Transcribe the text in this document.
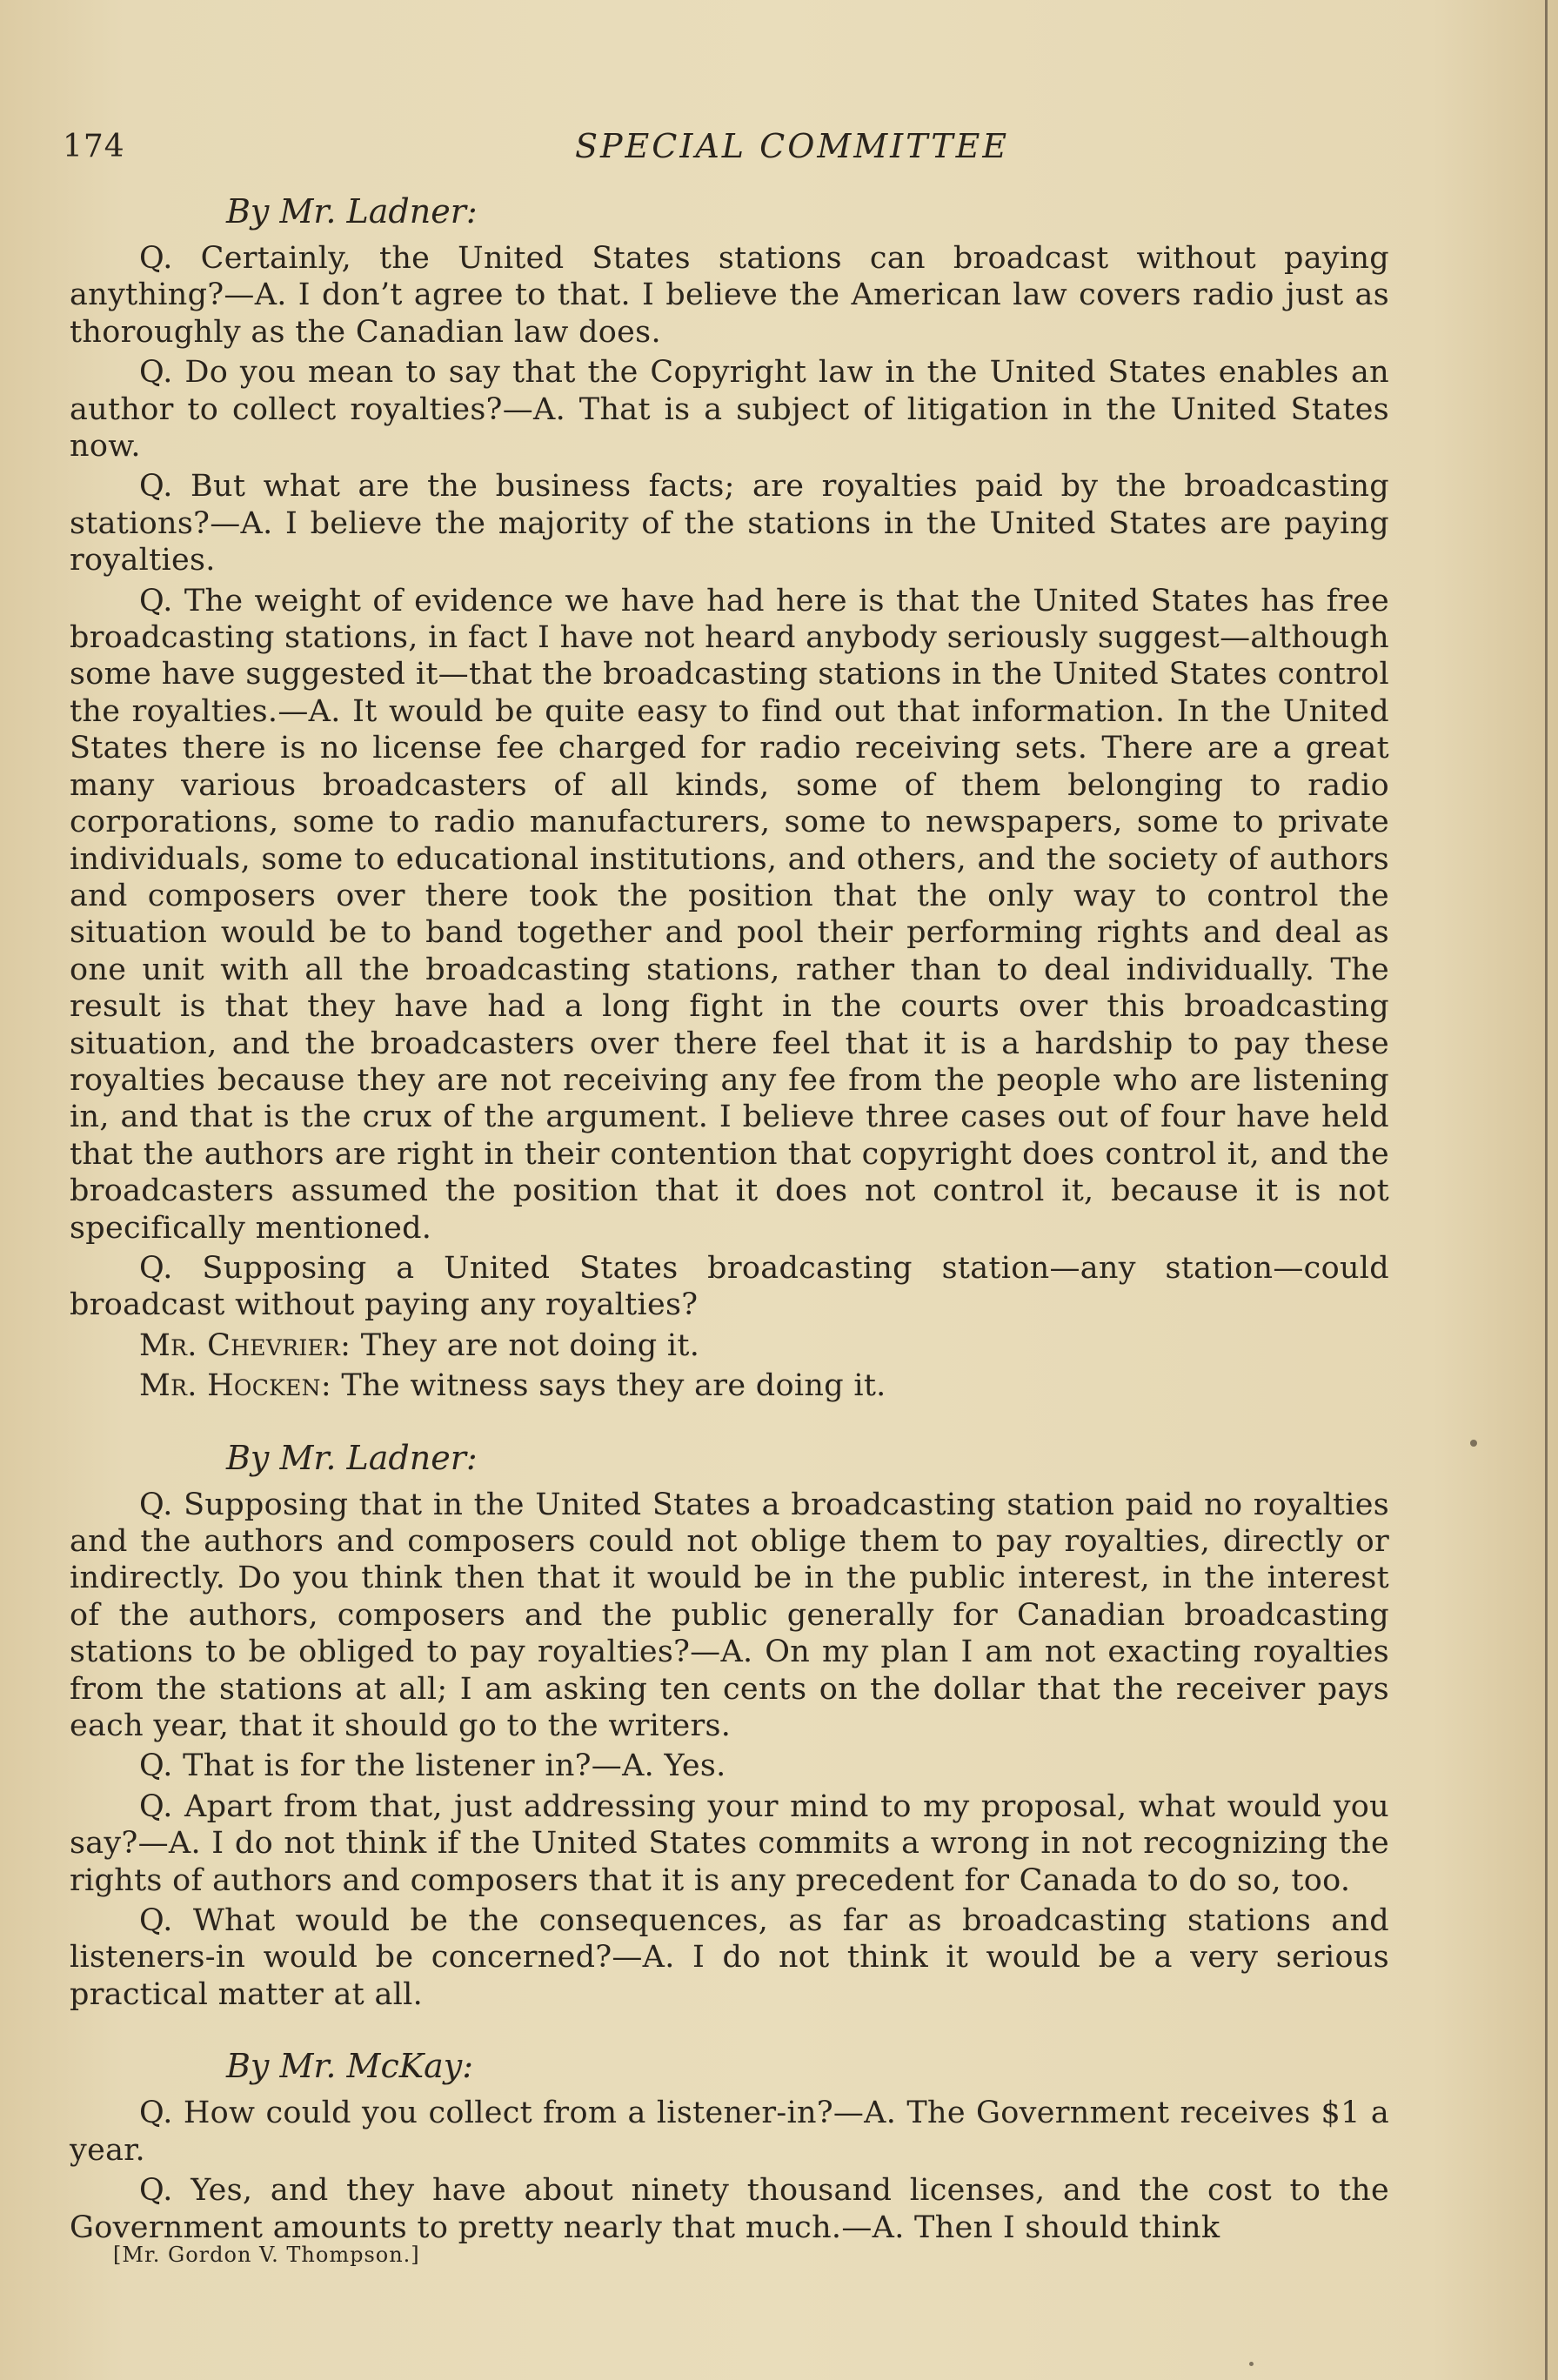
174	SPECIAL COMMITTEE
By Mr. Ladner:

Q. Certainly, the United States stations can broadcast without paying anything?—A. I don’t agree to that. I believe the American law covers radio just as thoroughly as the Canadian law does.

Q. Do you mean to say that the Copyright law in the United States enables an author to collect royalties?—A. That is a subject of litigation in the United States now.

Q. But what are the business facts; are royalties paid by the broadcasting stations?—A. I believe the majority of the stations in the United States are paying royalties.

Q. The weight of evidence we have had here is that the United States has free broadcasting stations, in fact I have not heard anybody seriously suggest—although some have suggested it—that the broadcasting stations in the United States control the royalties.—A. It would be quite easy to find out that information. In the United States there is no license fee charged for radio receiving sets. There are a great many various broadcasters of all kinds, some of them belonging to radio corporations, some to radio manufacturers, some to newspapers, some to private individuals, some to educational institutions, and others, and the society of authors and composers over there took the position that the only way to control the situation would be to band together and pool their performing rights and deal as one unit with all the broadcasting stations, rather than to deal individually. The result is that they have had a long fight in the courts over this broadcasting situation, and the broadcasters over there feel that it is a hardship to pay these royalties because they are not receiving any fee from the people who are listening in, and that is the crux of the argument. I believe three cases out of four have held that the authors are right in their contention that copyright does control it, and the broadcasters assumed the position that it does not control it, because it is not specifically mentioned.

Q. Supposing a United States broadcasting station—any station—could broadcast without paying any royalties?

Mr. Chevrier: They are not doing it.

Mr. Hocken: The witness says they are doing it.

By Mr. Ladner:

Q. Supposing that in the United States a broadcasting station paid no royalties and the authors and composers could not oblige them to pay royalties, directly or indirectly. Do you think then that it would be in the public interest, in the interest of the authors, composers and the public generally for Canadian broadcasting stations to be obliged to pay royalties?—A. On my plan I am not exacting royalties from the stations at all; I am asking ten cents on the dollar that the receiver pays each year, that it should go to the writers.

Q. That is for the listener in?—A. Yes.

Q. Apart from that, just addressing your mind to my proposal, what would you say?—A. I do not think if the United States commits a wrong in not recognizing the rights of authors and composers that it is any precedent for Canada to do so, too.

Q. What would be the consequences, as far as broadcasting stations and listeners-in would be concerned?—A. I do not think it would be a very serious practical matter at all.

By Mr. McKay:

Q. How could you collect from a listener-in?—A. The Government receives $1 a year.

Q. Yes, and they have about ninety thousand licenses, and the cost to the Government amounts to pretty nearly that much.—A. Then I should think

[Mr. Gordon V. Thompson.]
